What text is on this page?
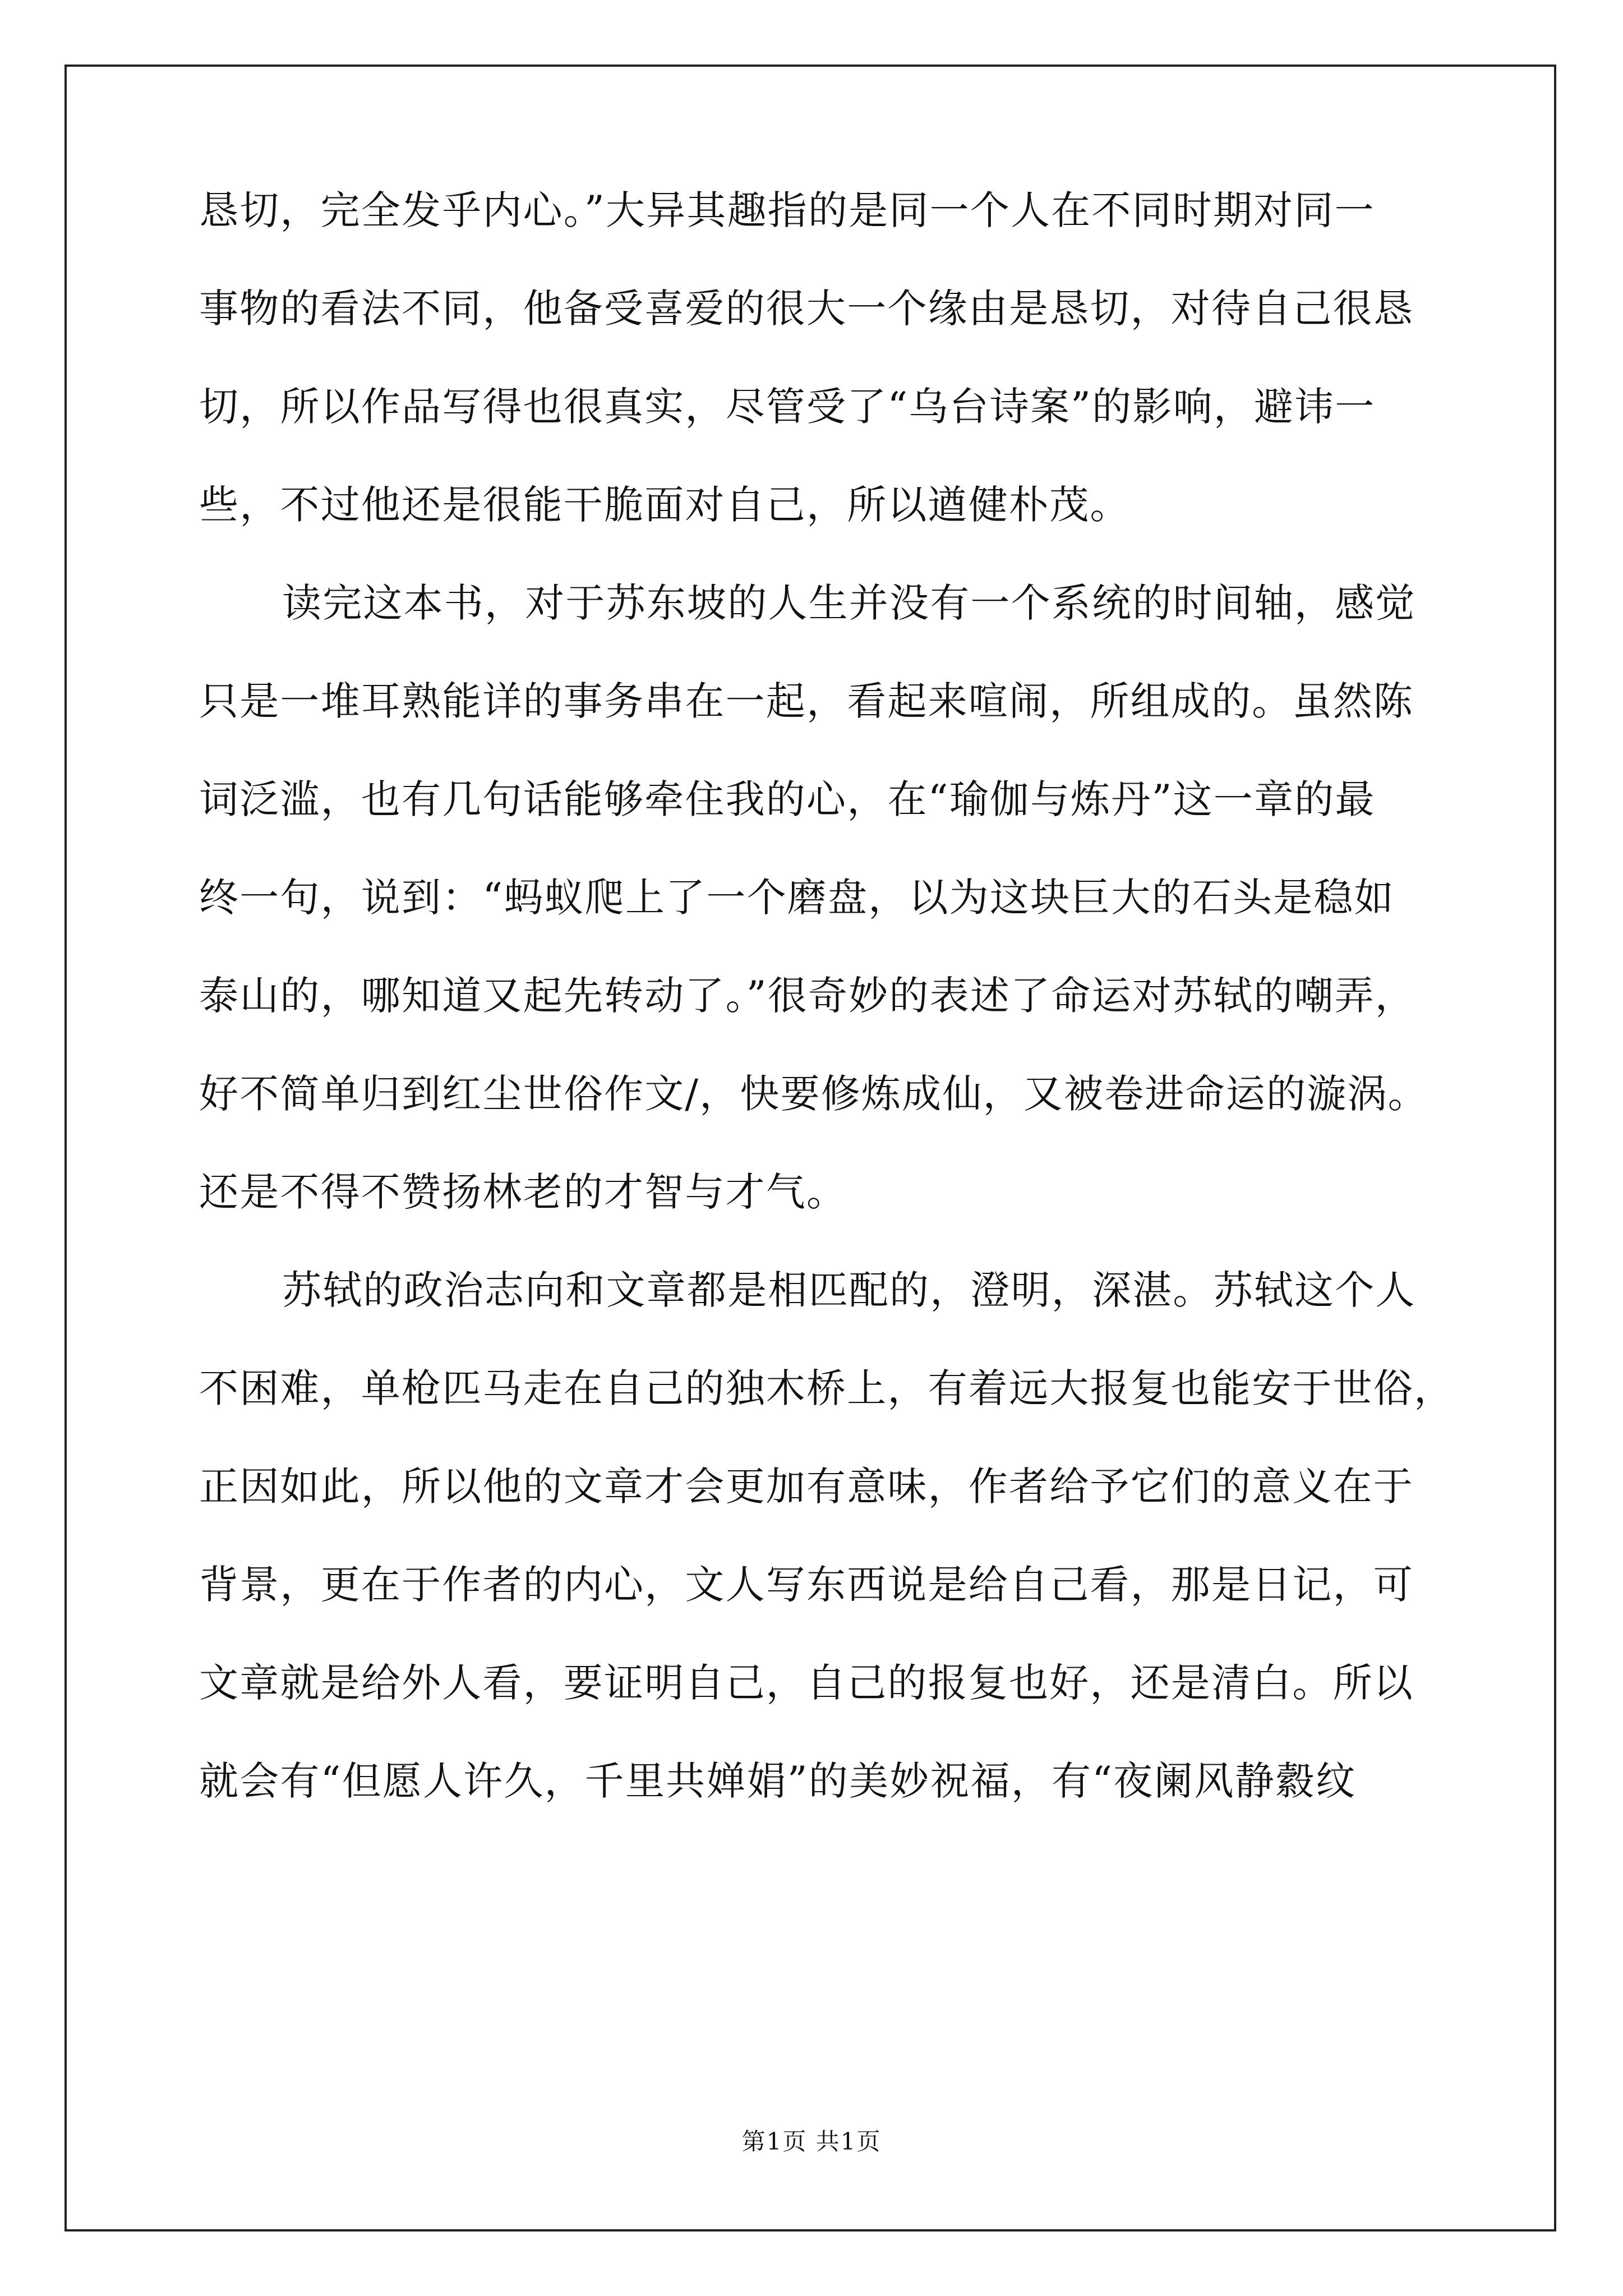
恳切，完全发乎内心。”大异其趣指的是同一个人在不同时期对同一
事物的看法不同，他备受喜爱的很大一个缘由是恳切，对待自己很恳
切，所以作品写得也很真实，尽管受了“乌台诗案”的影响，避讳一
些，不过他还是很能干脆面对自己，所以遒健朴茂。
读完这本书，对于苏东坡的人生并没有一个系统的时间轴，感觉
只是一堆耳熟能详的事务串在一起，看起来喧闹，所组成的。虽然陈
词泛滥，也有几句话能够牵住我的心，在“瑜伽与炼丹”这一章的最
终一句，说到：“蚂蚁爬上了一个磨盘，以为这块巨大的石头是稳如
泰山的，哪知道又起先转动了。”很奇妙的表述了命运对苏轼的嘲弄，
好不简单归到红尘世俗作文/，快要修炼成仙，又被卷进命运的漩涡。
还是不得不赞扬林老的才智与才气。
苏轼的政治志向和文章都是相匹配的，澄明，深湛。苏轼这个人
不困难，单枪匹马走在自己的独木桥上，有着远大报复也能安于世俗，
正因如此，所以他的文章才会更加有意味，作者给予它们的意义在于
背景，更在于作者的内心，文人写东西说是给自己看，那是日记，可
文章就是给外人看，要证明自己，自己的报复也好，还是清白。所以
就会有“但愿人许久，千里共婵娟”的美妙祝福，有“夜阑风静縠纹
第1页 共1页
